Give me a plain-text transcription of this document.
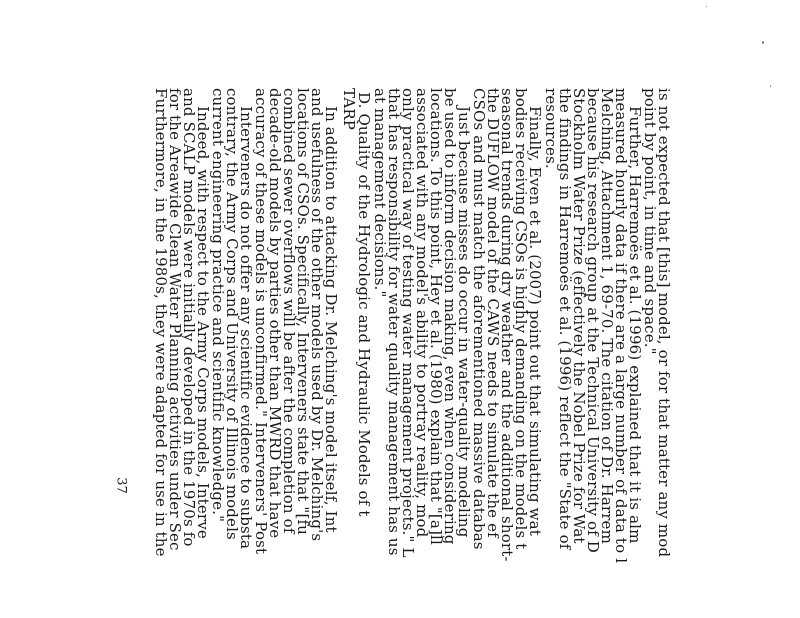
is not expected that [this] model, or for that matter any mod
point by point, in time and space."
Further, Harremoës et al. (1996) explained that it is alm
measured hourly data if there are a large number of data to l
Melching, Attachment 1, 69-70. The citation of Dr. Harrem
because his research group at the Technical University of D
Stockholm Water Prize (effectively the Nobel Prize for Wat
the findings in Harremoës et al. (1996) reflect the "State of
resources.
Finally, Even et al. (2007) point out that simulating wat
bodies receiving CSOs is highly demanding on the models t
seasonal trends during dry weather and the additional short-
the DUFLOW model of the CAWS needs to simulate the ef
CSOs and must match the aforementioned massive databas
Just because misses do occur in water-quality modeling
be used to inform decision making, even when considering
locations. To this point, Hey et al. (1980) explain that "[a]ll
associated with any model's ability to portray reality, mod
only practical way of testing water management projects." L
that has responsibility for water quality management has us
at management decisions."
D. Quality of the Hydrologic and Hydraulic Models of t
TARP
In addition to attacking Dr. Melching's model itself, Int
and usefulness of the other models used by Dr. Melching's
locations of CSOs. Specifically, Interveners state that "[fu
combined sewer overflows will be after the completion of
decade-old models by parties other than MWRD that have
accuracy of these models is unconfirmed." Interveners' Post
Interveners do not offer any scientific evidence to substa
contrary, the Army Corps and University of Illinois models
current engineering practice and scientific knowledge."
Indeed, with respect to the Army Corps models, Interve
and SCALP models were initially developed in the 1970s fo
for the Areawide Clean Water Planning activities under Sec
Furthermore, in the 1980s, they were adapted for use in the
37
